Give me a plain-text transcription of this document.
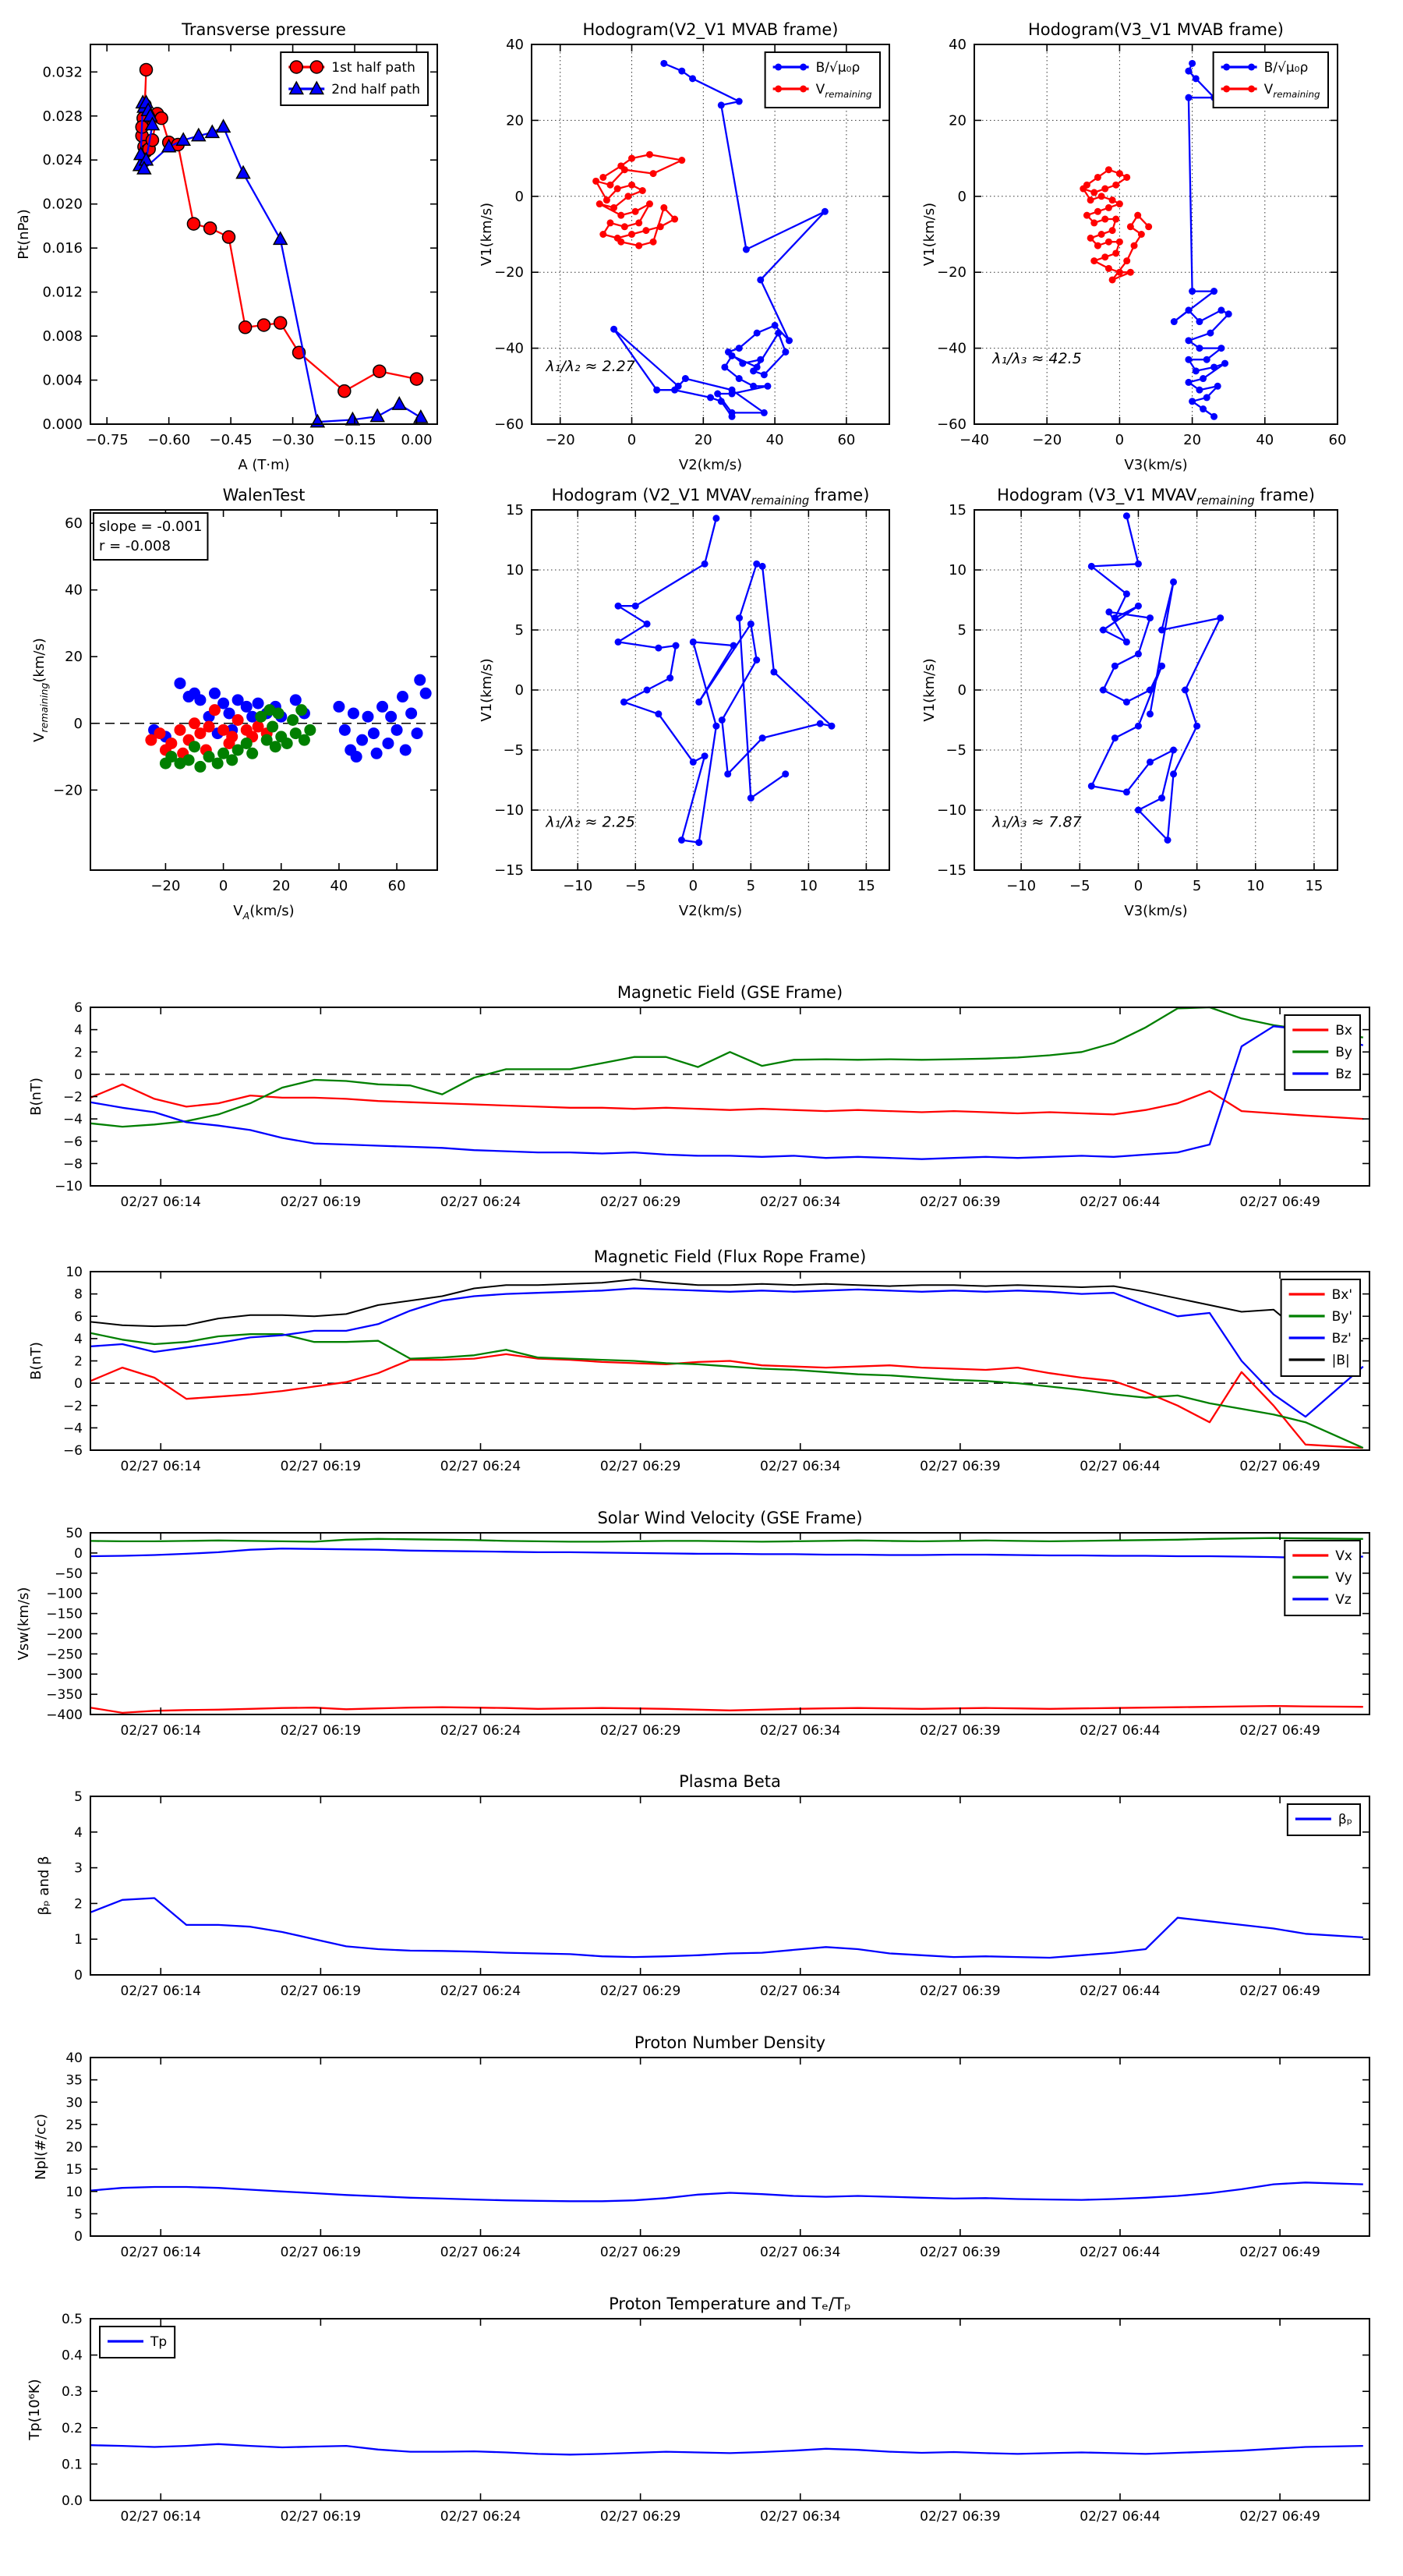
−0.75 −0.60 −0.45 −0.30 −0.15 0.00
0.000
0.004
0.008
0.012
0.016
0.020
0.024
0.028
0.032
Transverse pressure
A (T·m)
Pt(nPa)
1st half path
2nd half path
−20	0	20	40	60
−60
−40
−20
0
20
40
Hodogram(V2_V1 MVAB frame)
V2(km/s)
V1(km/s)
λ₁/λ₂ ≈ 2.27
B/√μ₀ρ
$V_{remaining}$
−40	−20	0	20	40	60
−60
−40
−20
0
20
40
Hodogram(V3_V1 MVAB frame)
V3(km/s)
V1(km/s)
λ₁/λ₃ ≈ 42.5
B/√μ₀ρ
$V_{remaining}$
−20	0	20	40	60
−20
0
20
40
60
WalenTest
$V_A(km/s)$
$V_{remaining}(km/s)$
slope = -0.001
r = -0.008
−10 −5	0	5	10	15
−15
−10
−5
0
5
10
15
Hodogram (V2_V1 $MVAV_{remaining}$ frame)
V2(km/s)
V1(km/s)
λ₁/λ₂ ≈ 2.25
−10 −5	0	5	10	15
−15
−10
−5
0
5
10
15
Hodogram (V3_V1 $MVAV_{remaining}$ frame)
V3(km/s)
V1(km/s)
λ₁/λ₃ ≈ 7.87
02/27 06:14	02/27 06:19	02/27 06:24	02/27 06:29	02/27 06:34	02/27 06:39	02/27 06:44	02/27 06:49
6
4
2
0
−2
−4
−6
−8
−10
Magnetic Field (GSE Frame)
B(nT)
Bx
By
Bz
02/27 06:14	02/27 06:19	02/27 06:24	02/27 06:29	02/27 06:34	02/27 06:39	02/27 06:44	02/27 06:49
10
8
6
4
2
0
−2
−4
−6
Magnetic Field (Flux Rope Frame)
B(nT)
Bx'
By'
Bz'
|B|
02/27 06:14	02/27 06:19	02/27 06:24	02/27 06:29	02/27 06:34	02/27 06:39	02/27 06:44	02/27 06:49
50
0
−50
−100
−150
−200
−250
−300
−350
−400
Solar Wind Velocity (GSE Frame)
Vsw(km/s)
Vx
Vy
Vz
02/27 06:14	02/27 06:19	02/27 06:24	02/27 06:29	02/27 06:34	02/27 06:39	02/27 06:44	02/27 06:49
0
1
2
3
4
5
Plasma Beta
βₚ and β
βₚ
02/27 06:14	02/27 06:19	02/27 06:24	02/27 06:29	02/27 06:34	02/27 06:39	02/27 06:44	02/27 06:49
0
5
10
15
20
25
30
35
40
Proton Number Density
Npl(#/cc)
02/27 06:14	02/27 06:19	02/27 06:24	02/27 06:29	02/27 06:34	02/27 06:39	02/27 06:44	02/27 06:49
0.0
0.1
0.2
0.3
0.4
0.5
Proton Temperature and Tₑ/Tₚ
Tp(10⁶K)
Tp
